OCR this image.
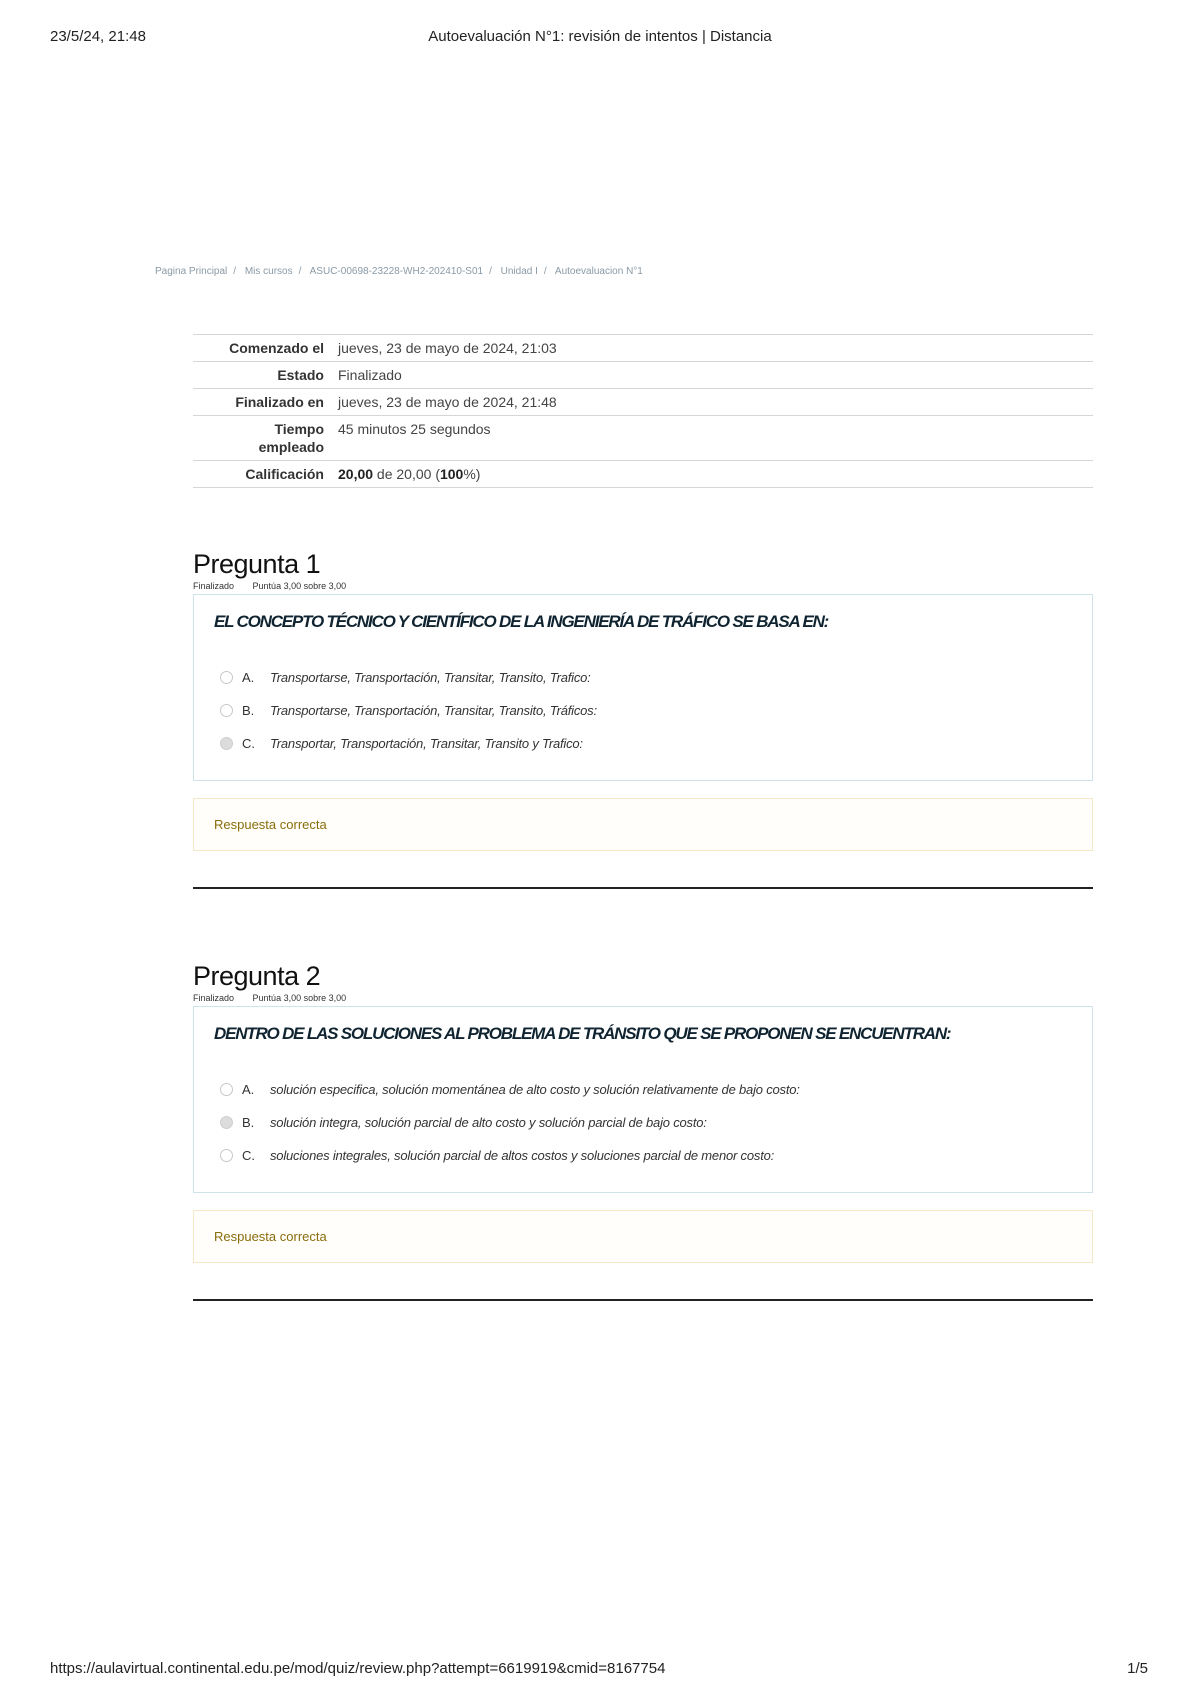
23/5/24, 21:48	Autoevaluación N°1: revisión de intentos | Distancia
Pagina Principal / Mis cursos / ASUC-00698-23228-WH2-202410-S01 / Unidad I / Autoevaluacion N°1
Comenzado el	jueves, 23 de mayo de 2024, 21:03
Estado	Finalizado
Finalizado en	jueves, 23 de mayo de 2024, 21:48
Tiempo
empleado	45 minutos 25 segundos
Calificación	20,00 de 20,00 (100%)
Pregunta 1
Finalizado Puntúa 3,00 sobre 3,00
EL CONCEPTO TÉCNICO Y CIENTÍFICO DE LA INGENIERÍA DE TRÁFICO SE BASA EN:
A.	Transportarse, Transportación, Transitar, Transito, Trafico:
B.	Transportarse, Transportación, Transitar, Transito, Tráficos:
C.	Transportar, Transportación, Transitar, Transito y Trafico:
Respuesta correcta
Pregunta 2
Finalizado Puntúa 3,00 sobre 3,00
DENTRO DE LAS SOLUCIONES AL PROBLEMA DE TRÁNSITO QUE SE PROPONEN SE ENCUENTRAN:
A.	solución especifica, solución momentánea de alto costo y solución relativamente de bajo costo:
B.	solución integra, solución parcial de alto costo y solución parcial de bajo costo:
C.	soluciones integrales, solución parcial de altos costos y soluciones parcial de menor costo:
Respuesta correcta
https://aulavirtual.continental.edu.pe/mod/quiz/review.php?attempt=6619919&cmid=8167754	1/5
